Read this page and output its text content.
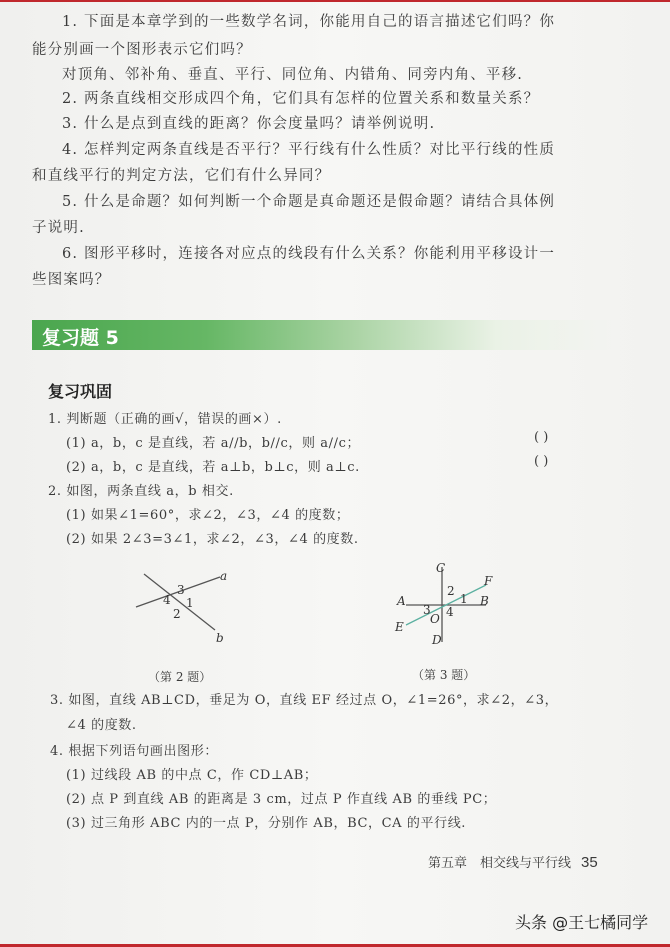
1. 下面是本章学到的一些数学名词，你能用自己的语言描述它们吗？你
能分别画一个图形表示它们吗？
对顶角、邻补角、垂直、平行、同位角、内错角、同旁内角、平移.
2. 两条直线相交形成四个角，它们具有怎样的位置关系和数量关系？
3. 什么是点到直线的距离？你会度量吗？请举例说明.
4. 怎样判定两条直线是否平行？平行线有什么性质？对比平行线的性质
和直线平行的判定方法，它们有什么异同？
5. 什么是命题？如何判断一个命题是真命题还是假命题？请结合具体例
子说明.
6. 图形平移时，连接各对应点的线段有什么关系？你能利用平移设计一
些图案吗？
复习题 5
复习巩固
1. 判断题（正确的画√，错误的画×）.
(1) a，b，c 是直线，若 a//b，b//c，则 a//c；	( )
(2) a，b，c 是直线，若 a⊥b，b⊥c，则 a⊥c.	( )
2. 如图，两条直线 a，b 相交.
(1) 如果∠1=60°，求∠2，∠3，∠4 的度数；
(2) 如果 2∠3=3∠1，求∠2，∠3，∠4 的度数.
a
b
3
4 1
2
（第 2 题）
C
D
A	B
E
F
O
2
1
3 4
（第 3 题）
3. 如图，直线 AB⊥CD，垂足为 O，直线 EF 经过点 O，∠1=26°，求∠2，∠3，
∠4 的度数.
4. 根据下列语句画出图形：
(1) 过线段 AB 的中点 C，作 CD⊥AB；
(2) 点 P 到直线 AB 的距离是 3 cm，过点 P 作直线 AB 的垂线 PC；
(3) 过三角形 ABC 内的一点 P，分别作 AB，BC，CA 的平行线.
第五章　相交线与平行线 35
头条 @王七橘同学
